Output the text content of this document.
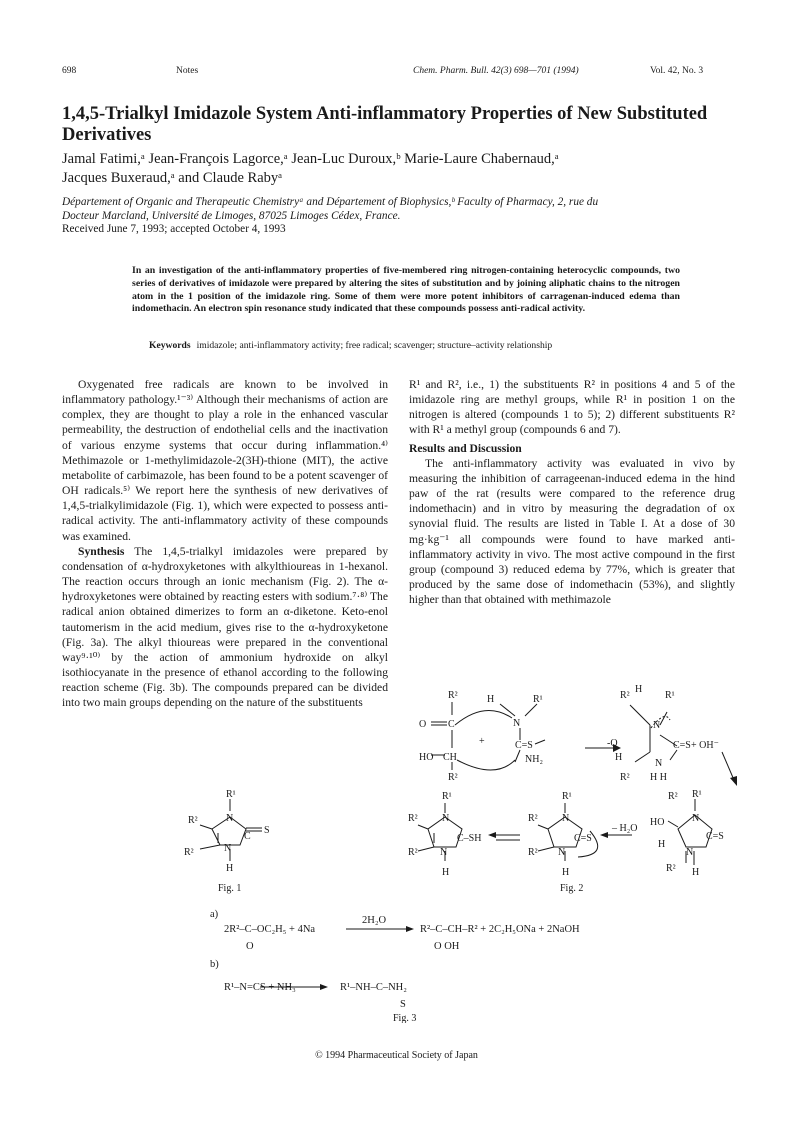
698	Notes	Chem. Pharm. Bull. 42(3) 698—701 (1994)	Vol. 42, No. 3
1,4,5-Trialkyl Imidazole System Anti-inflammatory Properties of New Substituted Derivatives
Jamal Fatimi,ᵃ Jean-François Lagorce,ᵃ Jean-Luc Duroux,ᵇ Marie-Laure Chabernaud,ᵃ
Jacques Buxeraud,ᵃ and Claude Rabyᵃ
Département of Organic and Therapeutic Chemistryᵃ and Département of Biophysics,ᵇ Faculty of Pharmacy, 2, rue du
Docteur Marcland, Université de Limoges, 87025 Limoges Cédex, France.
Received June 7, 1993; accepted October 4, 1993
In an investigation of the anti-inflammatory properties of five-membered ring nitrogen-containing heterocyclic compounds, two series of derivatives of imidazole were prepared by altering the sites of substitution and by joining aliphatic chains to the nitrogen atom in the 1 position of the imidazole ring. Some of them were more potent inhibitors of carragenan-induced edema than indomethacin. An electron spin resonance study indicated that these compounds possess anti-radical activity.
Keywords imidazole; anti-inflammatory activity; free radical; scavenger; structure–activity relationship

Oxygenated free radicals are known to be involved in inflammatory pathology.¹⁻³⁾ Although their mechanisms of action are complex, they are thought to play a role in the enhanced vascular permeability, the destruction of endothelial cells and the inactivation of various enzyme systems that occur during inflammation.⁴⁾ Methimazole or 1-methylimidazole-2(3H)-thione (MIT), the active metabolite of carbimazole, has been found to be a potent scavenger of OH radicals.⁵⁾ We report here the synthesis of new derivatives of 1,4,5-trialkylimidazole (Fig. 1), which were expected to possess anti-radical activity. The anti-inflammatory activity of these compounds was examined.

Synthesis The 1,4,5-trialkyl imidazoles were prepared by condensation of α-hydroxyketones with alkylthioureas in 1-hexanol. The reaction occurs through an ionic mechanism (Fig. 2). The α-hydroxyketones were obtained by reacting esters with sodium.⁷·⁸⁾ The radical anion obtained dimerizes to form an α-diketone. Keto-enol tautomerism in the acid medium, gives rise to the α-hydroxyketone (Fig. 3a). The alkyl thioureas were prepared in the conventional way⁹·¹⁰⁾ by the action of ammonium hydroxide on alkyl isothiocyanate in the presence of ethanol according to the following reaction scheme (Fig. 3b). The compounds prepared can be divided into two main groups depending on the nature of the substituents

R¹ and R², i.e., 1) the substituents R² in positions 4 and 5 of the imidazole ring are methyl groups, while R¹ in position 1 on the nitrogen is altered (compounds 1 to 5); 2) different substituents R² with R¹ a methyl group (compounds 6 and 7).

Results and Discussion

The anti-inflammatory activity was evaluated in vivo by measuring the inhibition of carrageenan-induced edema in the hind paw of the rat (results were compared to the reference drug indomethacin) and in vitro by measuring the degradation of ox synovial fluid. The results are listed in Table I. At a dose of 30 mg·kg⁻¹ all compounds were found to have marked anti-inflammatory activity in vivo. The most active compound in the first group (compound 3) reduced edema by 77%, which is greater that produced by the same dose of indomethacin (53%), and slightly higher than that obtained with methimazole

R²
O C
HO CH
R²
H	R¹
N
C=S
NH₂
+
R²
H
R¹
N
-O
H
C=S
N
R² H H
+ OH⁻
R¹
R²	N
S
C
R²	N
H
Fig. 1
R¹
R² N
C–SH
R² N
H
R¹
R² N
C=S
R² N
H
– H₂O
Fig. 2
R² R¹
HO	N
C=S
H
N
R² H
a)
2R²–C–OC₂H₅ + 4Na
O
2H₂O
R²–C–CH–R² + 2C₂H₅ONa + 2NaOH
O OH
b)
R¹–N=CS + NH₃	R¹–NH–C–NH₂
S
Fig. 3
© 1994 Pharmaceutical Society of Japan
